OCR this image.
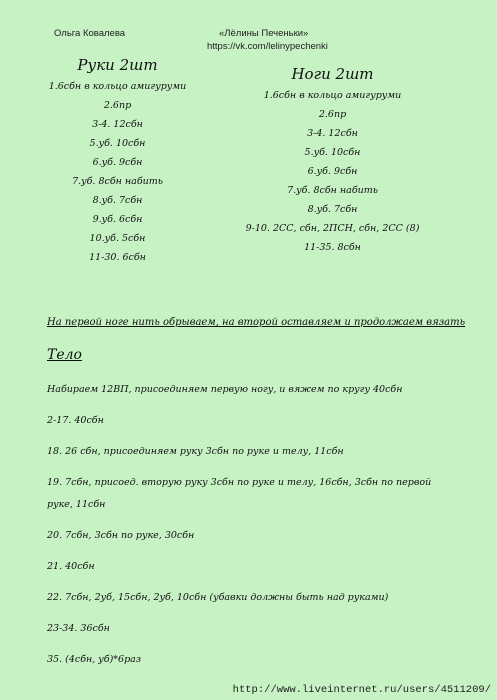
Ольга Ковалева	«Лёлины Печеньки»
https://vk.com/lelinypechenki
Руки 2шт
1.6сбн в кольцо амигуруми
2.6пр
3-4. 12сбн
5.уб. 10сбн
6.уб. 9сбн
7.уб. 8сбн набить
8.уб. 7сбн
9.уб. 6сбн
10.уб. 5сбн
11-30. 6сбн
Ноги 2шт
1.6сбн в кольцо амигуруми
2.6пр
3-4. 12сбн
5.уб. 10сбн
6.уб. 9сбн
7.уб. 8сбн набить
8.уб. 7сбн
9-10. 2СС, сбн, 2ПСН, сбн, 2СС (8)
11-35. 8сбн
На первой ноге нить обрываем, на второй оставляем и продолжаем вязать
Тело
Набираем 12ВП, присоединяем первую ногу, и вяжем по кругу 40сбн
2-17. 40сбн
18. 26 сбн, присоединяем руку 3сбн по руке и телу, 11сбн
19. 7сбн, присоед. вторую руку 3сбн по руке и телу, 16сбн, 3сбн по первой
руке, 11сбн
20. 7сбн, 3сбн по руке, 30сбн
21. 40сбн
22. 7сбн, 2уб, 15сбн, 2уб, 10сбн (убавки должны быть над руками)
23-34. 36сбн
35. (4сбн, уб)*6раз
http://www.liveinternet.ru/users/4511209/
